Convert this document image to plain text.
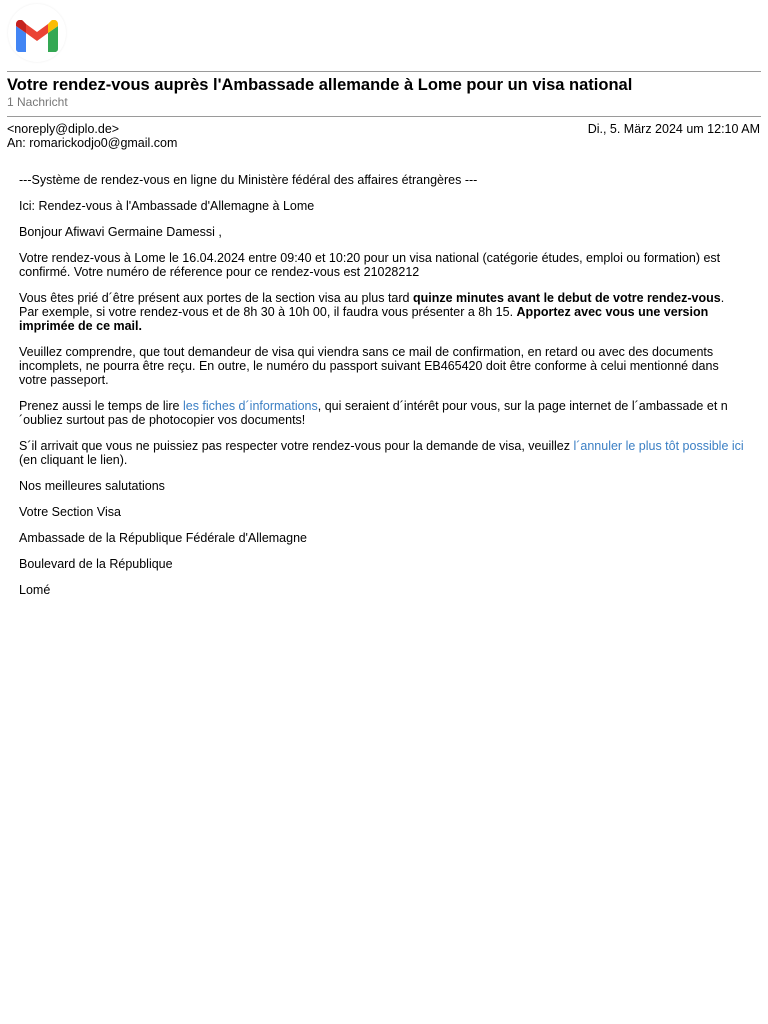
Votre rendez-vous auprès l'Ambassade allemande à Lome pour un visa national
1 Nachricht
<noreply@diplo.de>	Di., 5. März 2024 um 12:10 AM
An: romarickodjo0@gmail.com

---Système de rendez-vous en ligne du Ministère fédéral des affaires étrangères ---

Ici: Rendez-vous à l'Ambassade d'Allemagne à Lome

Bonjour Afiwavi Germaine Damessi ,

Votre rendez-vous à Lome le 16.04.2024 entre 09:40 et 10:20 pour un visa national (catégorie études, emploi ou formation) est confirmé. Votre numéro de réference pour ce rendez-vous est 21028212

Vous êtes prié d´être présent aux portes de la section visa au plus tard quinze minutes avant le debut de votre rendez-vous. Par exemple, si votre rendez-vous et de 8h 30 à 10h 00, il faudra vous présenter a 8h 15. Apportez avec vous une version imprimée de ce mail.

Veuillez comprendre, que tout demandeur de visa qui viendra sans ce mail de confirmation, en retard ou avec des documents incomplets, ne pourra être reçu. En outre, le numéro du passport suivant EB465420 doit être conforme à celui mentionné dans votre passeport.

Prenez aussi le temps de lire les fiches d´informations, qui seraient d´intérêt pour vous, sur la page internet de l´ambassade et n´oubliez surtout pas de photocopier vos documents!

S´il arrivait que vous ne puissiez pas respecter votre rendez-vous pour la demande de visa, veuillez l´annuler le plus tôt possible ici (en cliquant le lien).

Nos meilleures salutations

Votre Section Visa

Ambassade de la République Fédérale d'Allemagne

Boulevard de la République

Lomé
